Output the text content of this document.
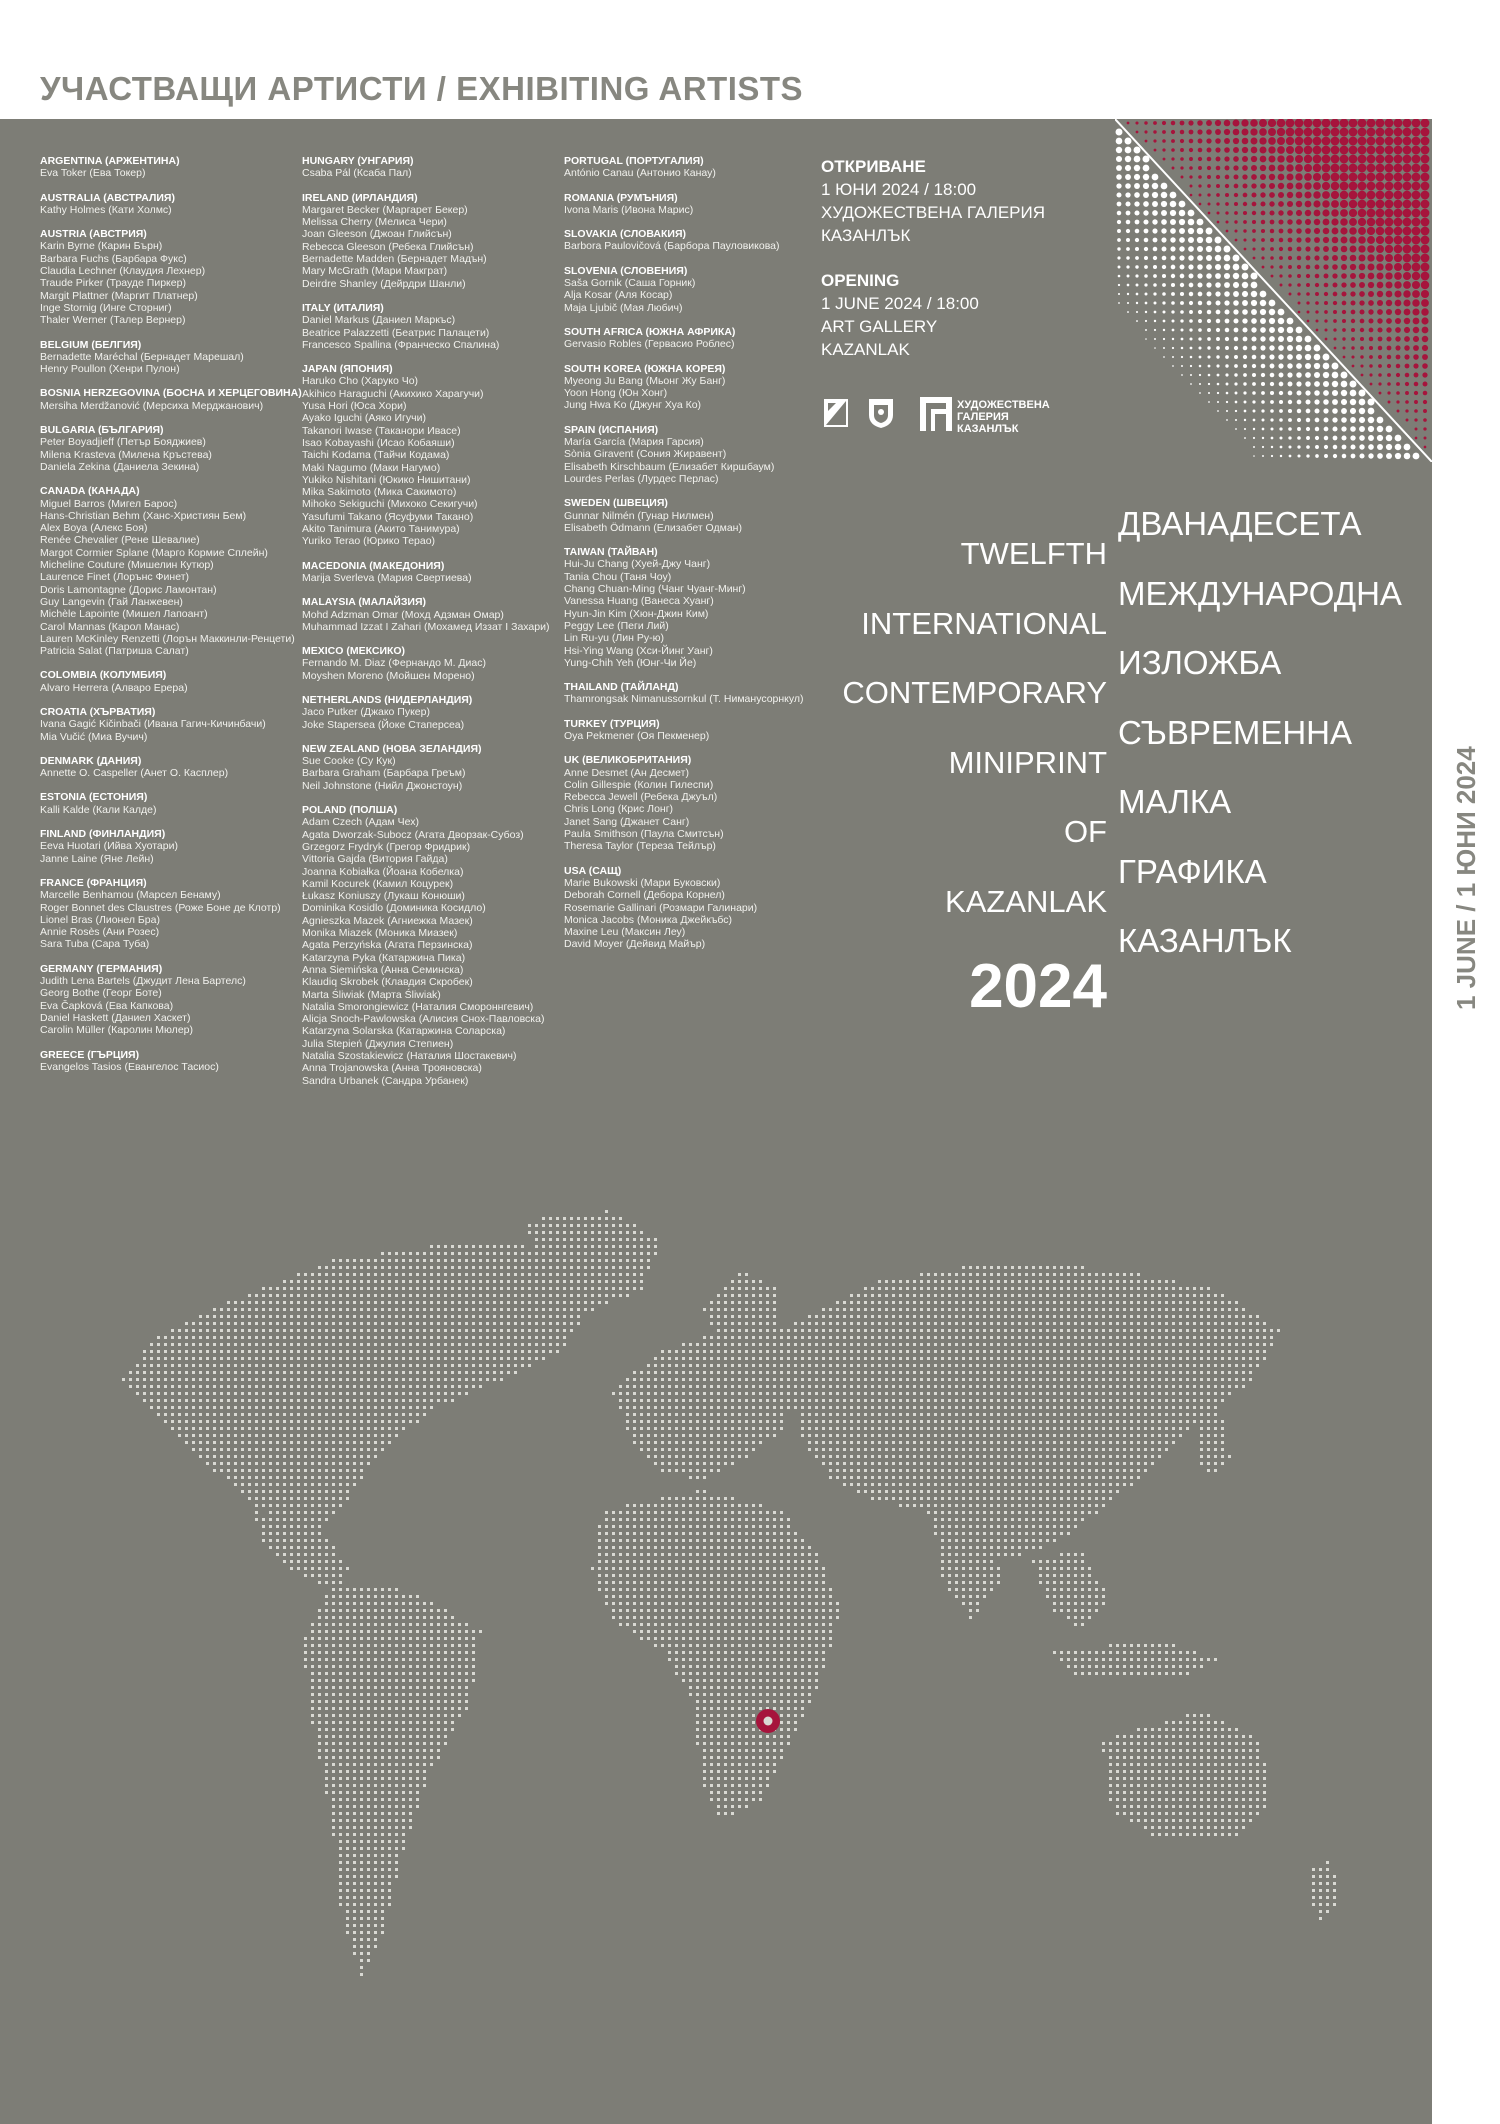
УЧАСТВАЩИ АРТИСТИ / EXHIBITING ARTISTS
ARGENTINA (АРЖЕНТИНА)
Eva Toker (Ева Токер)
AUSTRALIA (АВСТРАЛИЯ)
Kathy Holmes (Кати Холмс)
AUSTRIA (АВСТРИЯ)
Karin Byrne (Карин Бърн)
Barbara Fuchs (Барбара Фукс)
Claudia Lechner (Клаудия Лехнер)
Traude Pirker (Трауде Пиркер)
Margit Plattner (Маргит Платнер)
Inge Stornig (Инге Сторниг)
Thaler Werner (Талер Вернер)
BELGIUM (БЕЛГИЯ)
Bernadette Maréchal (Бернадет Марешал)
Henry Poullon (Хенри Пулон)
BOSNIA HERZEGOVINA (БОСНА И ХЕРЦЕГОВИНА)
Mersiha Merdžanović (Мерсиха Мерджанович)
BULGARIA (БЪЛГАРИЯ)
Peter Boyadjieff (Петър Бояджиев)
Milena Krasteva (Милена Кръстева)
Daniela Zekina (Даниела Зекина)
CANADA (КАНАДА)
Miguel Barros (Мигел Барос)
Hans-Christian Behm (Ханс-Християн Бем)
Alex Boya (Алекс Боя)
Renée Chevalier (Рене Шевалие)
Margot Cormier Splane (Марго Кормие Сплейн)
Micheline Couture (Мишелин Кутюр)
Laurence Finet (Лорънс Финет)
Doris Lamontagne (Дорис Ламонтан)
Guy Langevin (Гай Ланжевен)
Michèle Lapointe (Мишел Лапоант)
Carol Mannas (Карол Манас)
Lauren McKinley Renzetti (Лорън Маккинли-Ренцети)
Patricia Salat (Патриша Салат)
COLOMBIA (КОЛУМБИЯ)
Alvaro Herrera (Алваро Ерера)
CROATIA (ХЪРВАТИЯ)
Ivana Gagić Kičinbači (Ивана Гагич-Кичинбачи)
Mia Vučić (Миа Вучич)
DENMARK (ДАНИЯ)
Annette O. Caspeller (Анет О. Касплер)
ESTONIA (ЕСТОНИЯ)
Kalli Kalde (Кали Калде)
FINLAND (ФИНЛАНДИЯ)
Eeva Huotari (Ийва Хуотари)
Janne Laine (Яне Лейн)
FRANCE (ФРАНЦИЯ)
Marcelle Benhamou (Марсел Бенаму)
Roger Bonnet des Claustres (Роже Боне де Клотр)
Lionel Bras (Лионел Бра)
Annie Rosès (Ани Розес)
Sara Tuba (Сара Туба)
GERMANY (ГЕРМАНИЯ)
Judith Lena Bartels (Джудит Лена Бартелс)
Georg Bothe (Георг Боте)
Eva Čapková (Ева Капкова)
Daniel Haskett (Даниел Хаскет)
Carolin Müller (Каролин Мюлер)
GREECE (ГЪРЦИЯ)
Evangelos Tasios (Евангелос Тасиос)
HUNGARY (УНГАРИЯ)
Csaba Pál (Ксаба Пал)
IRELAND (ИРЛАНДИЯ)
Margaret Becker (Маргарет Бекер)
Melissa Cherry (Мелиса Чери)
Joan Gleeson (Джоан Глийсън)
Rebecca Gleeson (Ребека Глийсън)
Bernadette Madden (Бернадет Мадън)
Mary McGrath (Мари Макграт)
Deirdre Shanley (Дейрдри Шанли)
ITALY (ИТАЛИЯ)
Daniel Markus (Даниел Маркъс)
Beatrice Palazzetti (Беатрис Палацети)
Francesco Spallina (Франческо Спалина)
JAPAN (ЯПОНИЯ)
Haruko Cho (Харуко Чо)
Akihico Haraguchi (Акихико Харагучи)
Yusa Hori (Юса Хори)
Ayako Iguchi (Аяко Игучи)
Takanori Iwase (Таканори Ивасе)
Isao Kobayashi (Исао Кобаяши)
Taichi Kodama (Тайчи Кодама)
Maki Nagumo (Маки Нагумо)
Yukiko Nishitani (Юкико Нишитани)
Mika Sakimoto (Мика Сакимото)
Mihoko Sekiguchi (Михоко Секигучи)
Yasufumi Takano (Ясуфуми Такано)
Akito Tanimura (Акито Танимура)
Yuriko Terao (Юрико Терао)
MACEDONIA (МАКЕДОНИЯ)
Marija Sverleva (Мария Свертиева)
MALAYSIA (МАЛАЙЗИЯ)
Mohd Adzman Omar (Мохд Адзман Омар)
Muhammad Izzat I Zahari (Мохамед Иззат I Захари)
MEXICO (МЕКСИКО)
Fernando M. Diaz (Фернандо М. Диас)
Moyshen Moreno (Мойшен Морено)
NETHERLANDS (НИДЕРЛАНДИЯ)
Jaco Putker (Джако Пукер)
Joke Stapersea (Йоке Стаперсеа)
NEW ZEALAND (НОВА ЗЕЛАНДИЯ)
Sue Cooke (Су Кук)
Barbara Graham (Барбара Греъм)
Neil Johnstone (Нийл Джонстоун)
POLAND (ПОЛША)
Adam Czech (Адам Чех)
Agata Dworzak-Subocz (Агата Дворзак-Субоз)
Grzegorz Frydryk (Грегор Фридрик)
Vittoria Gajda (Витория Гайда)
Joanna Kobiałka (Йоана Кобелка)
Kamil Kocurek (Камил Коцурек)
Łukasz Koniuszy (Лукаш Конюши)
Dominika Kosidlo (Доминика Косидло)
Agnieszka Mazek (Агниежка Мазек)
Monika Miazek (Моника Миазек)
Agata Perzyńska (Агата Перзинска)
Katarzyna Pyka (Катаржина Пика)
Anna Siemińska (Анна Семинска)
Klaudiq Skrobek (Клавдия Скробек)
Marta Śliwiak (Марта Śliwiak)
Natalia Smorongiewicz (Наталия Смороннгевич)
Alicja Snoch-Pawlowska (Алисия Снох-Павловска)
Katarzyna Solarska (Катаржина Соларска)
Julia Stepień (Джулия Степиен)
Natalia Szostakiewicz (Наталия Шостакевич)
Anna Trojanowska (Анна Трояновска)
Sandra Urbanek (Сандра Урбанек)
PORTUGAL (ПОРТУГАЛИЯ)
António Canau (Антонио Канау)
ROMANIA (РУМЪНИЯ)
Ivona Maris (Ивона Марис)
SLOVAKIA (СЛОВАКИЯ)
Barbora Paulovičová (Барбора Пауловикова)
SLOVENIA (СЛОВЕНИЯ)
Saša Gornik (Саша Горник)
Alja Kosar (Аля Косар)
Maja Ljubič (Мая Любич)
SOUTH AFRICA (ЮЖНА АФРИКА)
Gervasio Robles (Гервасио Роблес)
SOUTH KOREA (ЮЖНА КОРЕЯ)
Myeong Ju Bang (Мьонг Жу Банг)
Yoon Hong (Юн Хонг)
Jung Hwa Ko (Джунг Хуа Ко)
SPAIN (ИСПАНИЯ)
María García (Мария Гарсия)
Sònia Giravent (Сония Жиравент)
Elisabeth Kirschbaum (Елизабет Киршбаум)
Lourdes Perlas (Лурдес Перлас)
SWEDEN (ШВЕЦИЯ)
Gunnar Nilmén (Гунар Нилмен)
Elisabeth Ödmann (Елизабет Одман)
TAIWAN (ТАЙВАН)
Hui-Ju Chang (Хуей-Джу Чанг)
Tania Chou (Таня Чоу)
Chang Chuan-Ming (Чанг Чуанг-Минг)
Vanessa Huang (Ванеса Хуанг)
Hyun-Jin Kim (Хюн-Джин Ким)
Peggy Lee (Пеги Лий)
Lin Ru-yu (Лин Ру-ю)
Hsi-Ying Wang (Хси-Йинг Уанг)
Yung-Chih Yeh (Юнг-Чи Йе)
THAILAND (ТАЙЛАНД)
Thamrongsak Nimanussornkul (Т. Ниманусорнкул)
TURKEY (ТУРЦИЯ)
Oya Pekmener (Оя Пекменер)
UK (ВЕЛИКОБРИТАНИЯ)
Anne Desmet (Ан Десмет)
Colin Gillespie (Колин Гилеспи)
Rebecca Jewell (Ребека Джуъл)
Chris Long (Крис Лонг)
Janet Sang (Джанет Санг)
Paula Smithson (Паула Смитсън)
Theresa Taylor (Тереза Тейлър)
USA (САЩ)
Marie Bukowski (Мари Буковски)
Deborah Cornell (Дебора Корнел)
Rosemarie Gallinari (Розмари Галинари)
Monica Jacobs (Моника Джейкъбс)
Maxine Leu (Максин Леу)
David Moyer (Дейвид Майър)
ОТКРИВАНЕ
1 ЮНИ 2024 / 18:00
ХУДОЖЕСТВЕНА ГАЛЕРИЯ
КАЗАНЛЪК
OPENING
1 JUNE 2024 / 18:00
ART GALLERY
KAZANLAK
ХУДОЖЕСТВЕНА
ГАЛЕРИЯ
КАЗАНЛЪК
TWELFTH
INTERNATIONAL
CONTEMPORARY
MINIPRINT
OF
KAZANLAK
ДВАНАДЕСЕТА
МЕЖДУНАРОДНА
ИЗЛОЖБА
СЪВРЕМЕННА
МАЛКА
ГРАФИКА
КАЗАНЛЪК
2024	1 JUNE / 1 ЮНИ 2024
